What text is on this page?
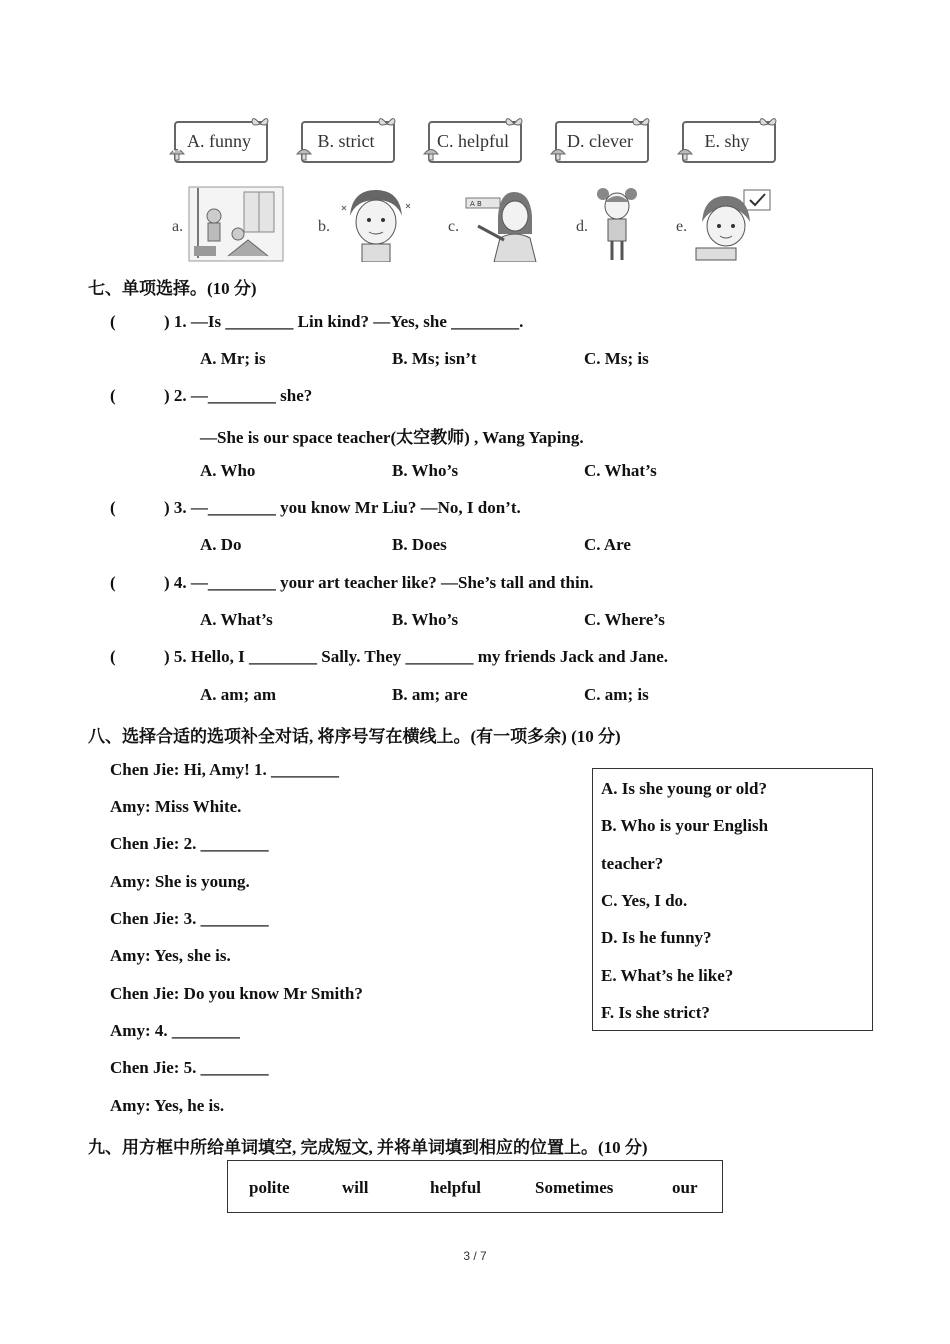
A. funny	B. strict	C. helpful	D. clever	E. shy
a.	b.	c.
A B
d.	e.
七、单项选择。(10 分)
(	) 1. —Is ________ Lin kind? —Yes, she ________.
A. Mr; is	B. Ms; isn’t	C. Ms; is
(	) 2. —________ she?
—She is our space teacher(太空教师) , Wang Yaping.
A. Who	B. Who’s	C. What’s
(	) 3. —________ you know Mr Liu? —No, I don’t.
A. Do	B. Does	C. Are
(	) 4. —________ your art teacher like? —She’s tall and thin.
A. What’s	B. Who’s	C. Where’s
(	) 5. Hello, I ________ Sally. They ________ my friends Jack and Jane.
A. am; am	B. am; are	C. am; is
八、选择合适的选项补全对话, 将序号写在横线上。(有一项多余) (10 分)
Chen Jie: Hi, Amy! 1. ________
Amy: Miss White.
Chen Jie: 2. ________
Amy: She is young.
Chen Jie: 3. ________
Amy: Yes, she is.
Chen Jie: Do you know Mr Smith?
Amy: 4. ________
Chen Jie: 5. ________
Amy: Yes, he is.
A. Is she young or old?
B. Who is your English
teacher?
C. Yes, I do.
D. Is he funny?
E. What’s he like?
F. Is she strict?
九、用方框中所给单词填空, 完成短文, 并将单词填到相应的位置上。(10 分)
polite	will	helpful	Sometimes	our
3 / 7
